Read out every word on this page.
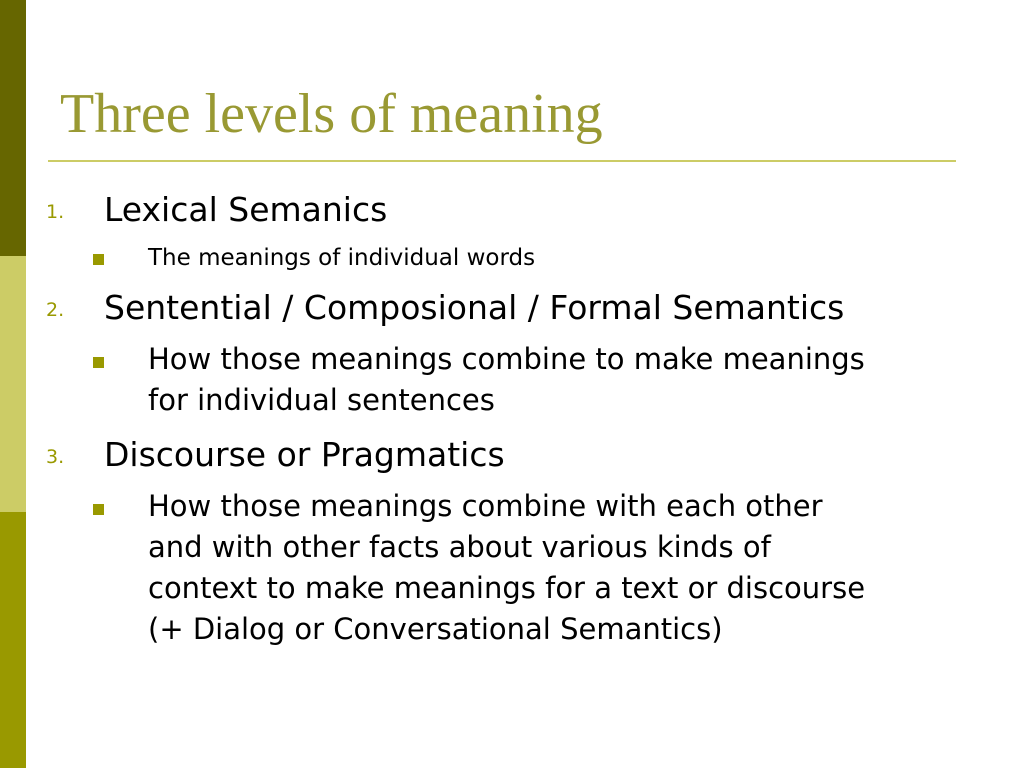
Three levels of meaning
1. Lexical Semanics
The meanings of individual words
2. Sentential / Composional / Formal Semantics
How those meanings combine to make meanings
for individual sentences
3. Discourse or Pragmatics
How those meanings combine with each other
and with other facts about various kinds of
context to make meanings for a text or discourse
(+ Dialog or Conversational Semantics)
